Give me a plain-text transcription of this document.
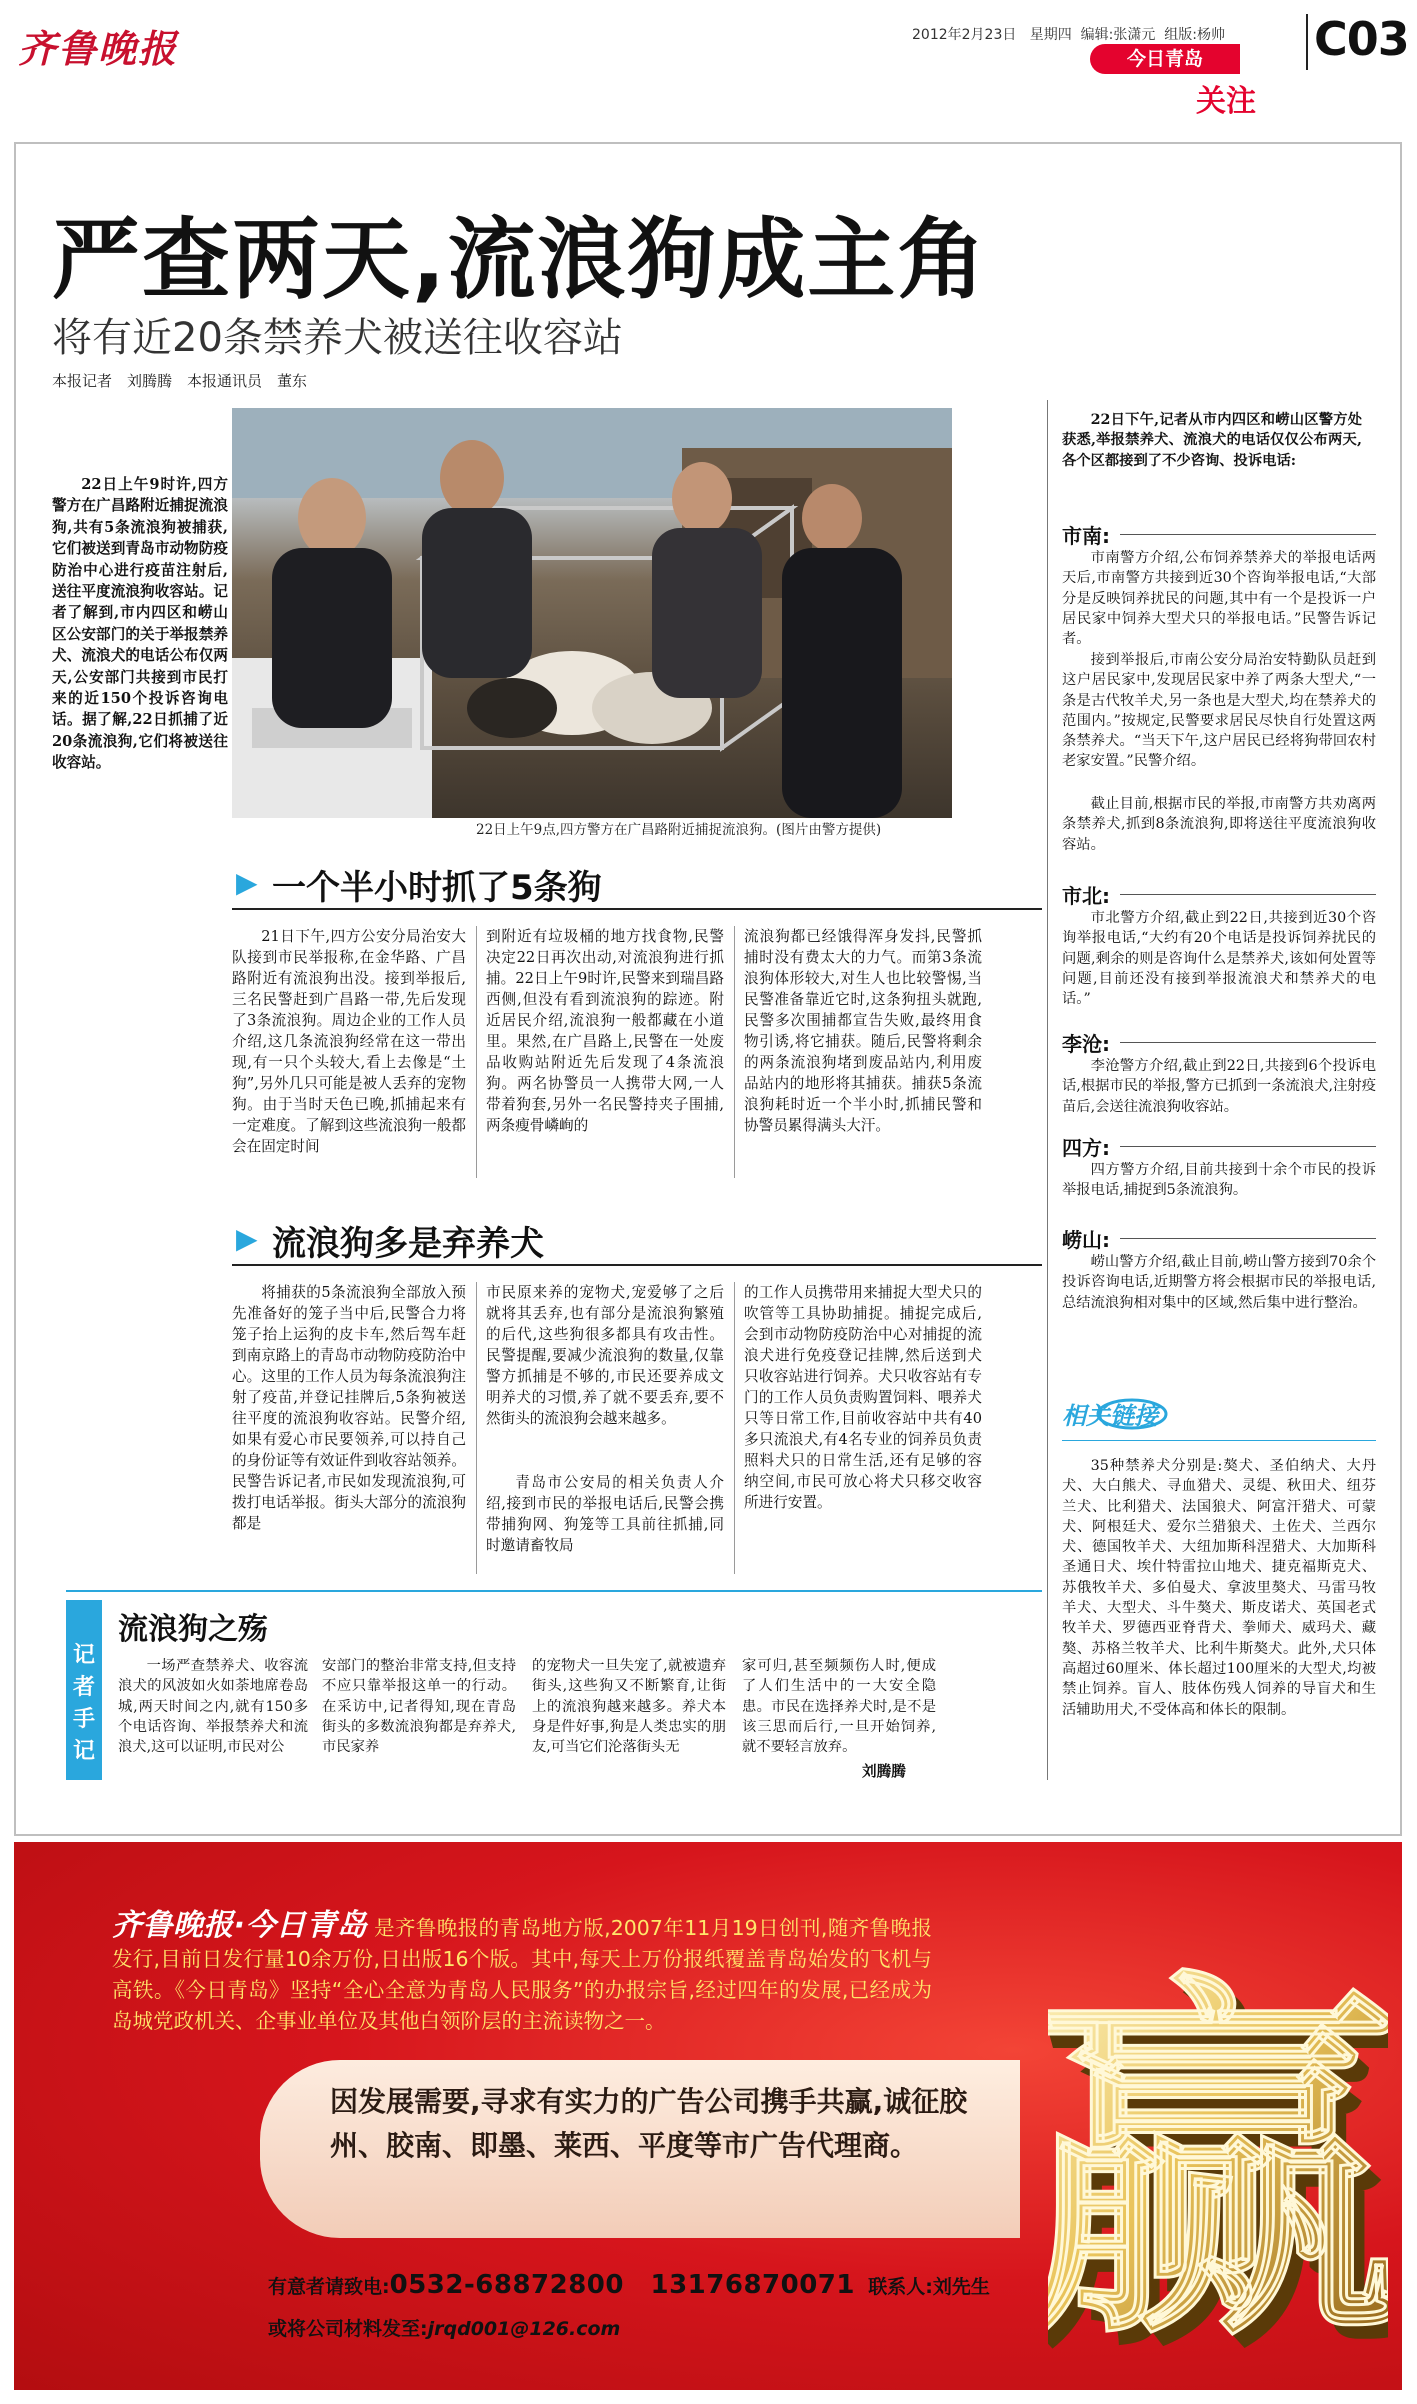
齐鲁晚报	2012年2月23日 星期四 编辑:张潇元 组版:杨帅
今日青岛
关注
C03
严查两天,流浪狗成主角
将有近20条禁养犬被送往收容站
本报记者　刘腾腾　本报通讯员　董东
22日上午9时许,四方警方在广昌路附近捕捉流浪狗,共有5条流浪狗被捕获,它们被送到青岛市动物防疫防治中心进行疫苗注射后,送往平度流浪狗收容站。记者了解到,市内四区和崂山区公安部门的关于举报禁养犬、流浪犬的电话公布仅两天,公安部门共接到市民打来的近150个投诉咨询电话。据了解,22日抓捕了近20条流浪狗,它们将被送往收容站。
22日上午9点,四方警方在广昌路附近捕捉流浪狗。(图片由警方提供)
▶ 一个半小时抓了5条狗

21日下午,四方公安分局治安大队接到市民举报称,在金华路、广昌路附近有流浪狗出没。接到举报后,三名民警赶到广昌路一带,先后发现了3条流浪狗。周边企业的工作人员介绍,这几条流浪狗经常在这一带出现,有一只个头较大,看上去像是“土狗”,另外几只可能是被人丢弃的宠物狗。由于当时天色已晚,抓捕起来有一定难度。了解到这些流浪狗一般都会在固定时间

到附近有垃圾桶的地方找食物,民警决定22日再次出动,对流浪狗进行抓捕。22日上午9时许,民警来到瑞昌路西侧,但没有看到流浪狗的踪迹。附近居民介绍,流浪狗一般都藏在小道里。果然,在广昌路上,民警在一处废品收购站附近先后发现了4条流浪狗。两名协警员一人携带大网,一人带着狗套,另外一名民警持夹子围捕,两条瘦骨嶙峋的

流浪狗都已经饿得浑身发抖,民警抓捕时没有费太大的力气。而第3条流浪狗体形较大,对生人也比较警惕,当民警准备靠近它时,这条狗扭头就跑,民警多次围捕都宣告失败,最终用食物引诱,将它捕获。随后,民警将剩余的两条流浪狗堵到废品站内,利用废品站内的地形将其捕获。捕获5条流浪狗耗时近一个半小时,抓捕民警和协警员累得满头大汗。

▶ 流浪狗多是弃养犬

将捕获的5条流浪狗全部放入预先准备好的笼子当中后,民警合力将笼子抬上运狗的皮卡车,然后驾车赶到南京路上的青岛市动物防疫防治中心。这里的工作人员为每条流浪狗注射了疫苗,并登记挂牌后,5条狗被送往平度的流浪狗收容站。民警介绍,如果有爱心市民要领养,可以持自己的身份证等有效证件到收容站领养。民警告诉记者,市民如发现流浪狗,可拨打电话举报。街头大部分的流浪狗都是

市民原来养的宠物犬,宠爱够了之后就将其丢弃,也有部分是流浪狗繁殖的后代,这些狗很多都具有攻击性。民警提醒,要减少流浪狗的数量,仅靠警方抓捕是不够的,市民还要养成文明养犬的习惯,养了就不要丢弃,要不然街头的流浪狗会越来越多。

青岛市公安局的相关负责人介绍,接到市民的举报电话后,民警会携带捕狗网、狗笼等工具前往抓捕,同时邀请畜牧局

的工作人员携带用来捕捉大型犬只的吹管等工具协助捕捉。捕捉完成后,会到市动物防疫防治中心对捕捉的流浪犬进行免疫登记挂牌,然后送到犬只收容站进行饲养。犬只收容站有专门的工作人员负责购置饲料、喂养犬只等日常工作,目前收容站中共有40多只流浪犬,有4名专业的饲养员负责照料犬只的日常生活,还有足够的容纳空间,市民可放心将犬只移交收容所进行安置。

22日下午,记者从市内四区和崂山区警方处获悉,举报禁养犬、流浪犬的电话仅仅公布两天,各个区都接到了不少咨询、投诉电话:

市南:

市南警方介绍,公布饲养禁养犬的举报电话两天后,市南警方共接到近30个咨询举报电话,“大部分是反映饲养扰民的问题,其中有一个是投诉一户居民家中饲养大型犬只的举报电话。”民警告诉记者。

接到举报后,市南公安分局治安特勤队员赶到这户居民家中,发现居民家中养了两条大型犬,“一条是古代牧羊犬,另一条也是大型犬,均在禁养犬的范围内。”按规定,民警要求居民尽快自行处置这两条禁养犬。“当天下午,这户居民已经将狗带回农村老家安置。”民警介绍。

截止目前,根据市民的举报,市南警方共劝离两条禁养犬,抓到8条流浪狗,即将送往平度流浪狗收容站。

市北:

市北警方介绍,截止到22日,共接到近30个咨询举报电话,“大约有20个电话是投诉饲养扰民的问题,剩余的则是咨询什么是禁养犬,该如何处置等问题,目前还没有接到举报流浪犬和禁养犬的电话。”

李沧:

李沧警方介绍,截止到22日,共接到6个投诉电话,根据市民的举报,警方已抓到一条流浪犬,注射疫苗后,会送往流浪狗收容站。

四方:

四方警方介绍,目前共接到十余个市民的投诉举报电话,捕捉到5条流浪狗。

崂山:

崂山警方介绍,截止目前,崂山警方接到70余个投诉咨询电话,近期警方将会根据市民的举报电话,总结流浪狗相对集中的区域,然后集中进行整治。

相关链接

35种禁养犬分别是:獒犬、圣伯纳犬、大丹犬、大白熊犬、寻血猎犬、灵缇、秋田犬、纽芬兰犬、比利猎犬、法国狼犬、阿富汗猎犬、可蒙犬、阿根廷犬、爱尔兰猎狼犬、土佐犬、兰西尔犬、德国牧羊犬、大纽加斯科涅猎犬、大加斯科圣通日犬、埃什特雷拉山地犬、捷克福斯克犬、苏俄牧羊犬、多伯曼犬、拿波里獒犬、马雷马牧羊犬、大型犬、斗牛獒犬、斯皮诺犬、英国老式牧羊犬、罗德西亚脊背犬、拳师犬、威玛犬、藏獒、苏格兰牧羊犬、比利牛斯獒犬。此外,犬只体高超过60厘米、体长超过100厘米的大型犬,均被禁止饲养。盲人、肢体伤残人饲养的导盲犬和生活辅助用犬,不受体高和体长的限制。

记者手记
流浪狗之殇

一场严查禁养犬、收容流浪犬的风波如火如荼地席卷岛城,两天时间之内,就有150多个电话咨询、举报禁养犬和流浪犬,这可以证明,市民对公

安部门的整治非常支持,但支持不应只靠举报这单一的行动。在采访中,记者得知,现在青岛街头的多数流浪狗都是弃养犬,市民家养

的宠物犬一旦失宠了,就被遗弃街头,这些狗又不断繁育,让街上的流浪狗越来越多。养犬本身是件好事,狗是人类忠实的朋友,可当它们沦落街头无

家可归,甚至频频伤人时,便成了人们生活中的一大安全隐患。市民在选择养犬时,是不是该三思而后行,一旦开始饲养,就不要轻言放弃。

刘腾腾
齐鲁晚报·今日青岛 是齐鲁晚报的青岛地方版,2007年11月19日创刊,随齐鲁晚报发行,目前日发行量10余万份,日出版16个版。其中,每天上万份报纸覆盖青岛始发的飞机与高铁。《今日青岛》坚持“全心全意为青岛人民服务”的办报宗旨,经过四年的发展,已经成为岛城党政机关、企事业单位及其他白领阶层的主流读物之一。
因发展需要,寻求有实力的广告公司携手共赢,诚征胶州、胶南、即墨、莱西、平度等市广告代理商。
有意者请致电:0532-68872800　13176870071 联系人:刘先生
或将公司材料发至:jrqd001@126.com 赢
赢
